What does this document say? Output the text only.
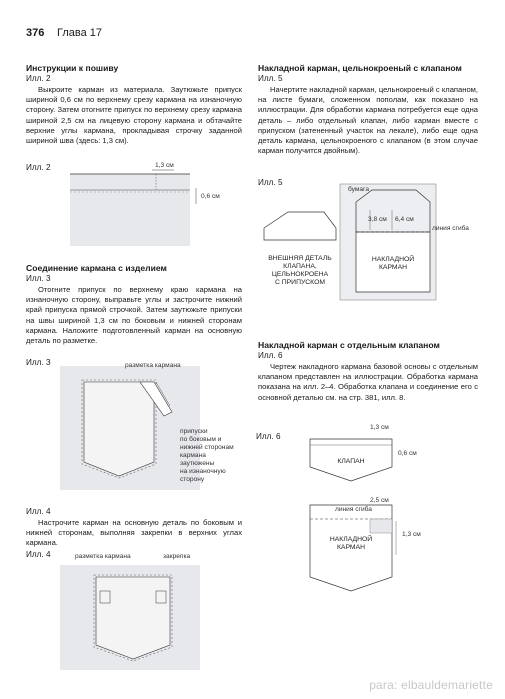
376 Глава 17
Инструкции к пошиву
Илл. 2

Выкроите карман из материала. Заутюжьте припуск шириной 0,6 см по верхнему срезу кармана на изнаночную сторону. Затем отогните припуск по верхнему срезу кармана шириной 2,5 см на лицевую сторону кармана и обтачайте верхние углы кармана, прокладывая строчку заданной шириной шва (здесь: 1,3 см).

Илл. 2	1,3 см
0,6 см
Соединение кармана с изделием
Илл. 3

Отогните припуск по верхнему краю кармана на изнаночную сторону, выправьте углы и застрочите нижний край припуска прямой строчкой. Затем заутюжьте припуски на швы шириной 1,3 см по боковым и нижней сторонам кармана. Наложите подготовленный карман на основную деталь по разметке.

Илл. 3	разметка кармана
припуски
по боковым и
нижней сторонам
кармана
заутюжены
на изнаночную
сторону
Илл. 4

Настрочите карман на основную деталь по боковым и нижней сторонам, выполняя закрепки в верхних углах кармана.

Илл. 4	разметка кармана	закрепка
Накладной карман, цельнокроеный с клапаном
Илл. 5

Начертите накладной карман, цельнокроеный с клапаном, на листе бумаги, сложенном пополам, как показано на иллюстрации. Для обработки кармана потребуется еще одна деталь – либо отдельный клапан, либо карман вместе с припуском (затененный участок на лекале), либо еще одна деталь кармана, цельнокроеного с клапаном (в этом случае карман получится двойным).

Илл. 5
бумага
3,8 см 6,4 см
линия сгиба
ВНЕШНЯЯ ДЕТАЛЬ
КЛАПАНА,
ЦЕЛЬНОКРОЕНА
С ПРИПУСКОМ
НАКЛАДНОЙ
КАРМАН
Накладной карман с отдельным клапаном
Илл. 6

Чертеж накладного кармана базовой основы с отдельным клапаном представлен на иллюстрации. Обработка кармана показана на илл. 2–4. Обработка клапана и соединение его с основной деталью см. на стр. 381, илл. 8.

Илл. 6
1,3 см
0,6 см
КЛАПАН
2,5 см
линия сгиба
НАКЛАДНОЙ
КАРМАН
1,3 см
para: elbauldemariette
